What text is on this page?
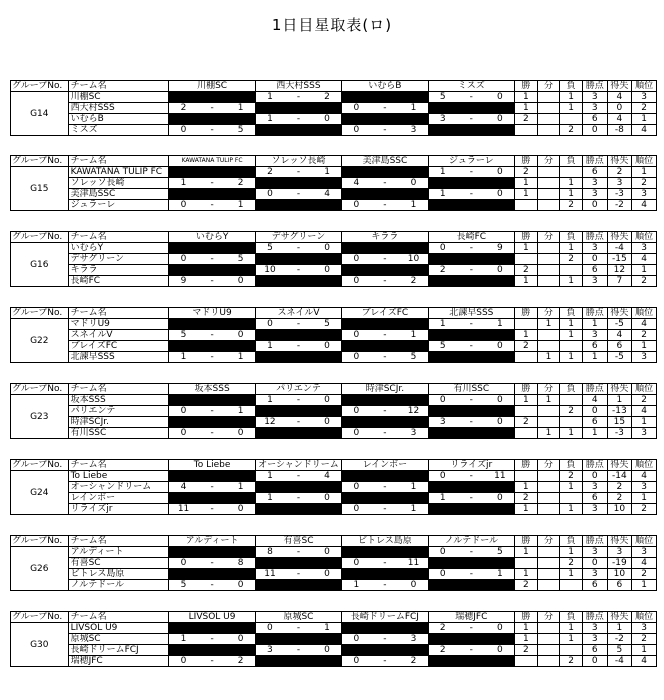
1日目星取表(ロ)
グループNo.	チーム名	川棚SC			西大村SSS			いむらB			ミスズ			勝	分	負	勝点	得失	順位
G14	川棚SC				1	-	2				5	-	0	1		1	3	4	3
	西大村SSS	2	-	1				0	-	1				1		1	3	0	2
	いむらB				1	-	0				3	-	0	2			6	4	1
	ミスズ	0	-	5				0	-	3						2	0	-8	4
グループNo.	チーム名	KAWATANA TULIP FC			ソレッソ長崎			美津島SSC			ジュラーレ			勝	分	負	勝点	得失	順位
G15	KAWATANA TULIP FC				2	-	1				1	-	0	2			6	2	1
	ソレッソ長崎	1	-	2				4	-	0				1		1	3	3	2
	美津島SSC				0	-	4				1	-	0	1		1	3	-3	3
	ジュラーレ	0	-	1				0	-	1						2	0	-2	4
グループNo.	チーム名	いむらY			デサグリーン			キララ			長崎FC			勝	分	負	勝点	得失	順位
G16	いむらY				5	-	0				0	-	9	1		1	3	-4	3
	デサグリーン	0	-	5				0	-	10						2	0	-15	4
	キララ				10	-	0				2	-	0	2			6	12	1
	長崎FC	9	-	0				0	-	2				1		1	3	7	2
グループNo.	チーム名	マドリU9			スネイルV			ブレイズFC			北諫早SSS			勝	分	負	勝点	得失	順位
G22	マドリU9				0	-	5				1	-	1		1	1	1	-5	4
	スネイルV	5	-	0				0	-	1				1		1	3	4	2
	ブレイズFC				1	-	0				5	-	0	2			6	6	1
	北諫早SSS	1	-	1				0	-	5					1	1	1	-5	3
グループNo.	チーム名	坂本SSS			パリエンテ			時津SCJr.			有川SSC			勝	分	負	勝点	得失	順位
G23	坂本SSS				1	-	0				0	-	0	1	1		4	1	2
	パリエンテ	0	-	1				0	-	12						2	0	-13	4
	時津SCJr.				12	-	0				3	-	0	2			6	15	1
	有川SSC	0	-	0				0	-	3					1	1	1	-3	3
グループNo.	チーム名	To Liebe			オーシャンドリーム			レインボー			リライズjr			勝	分	負	勝点	得失	順位
G24	To Liebe				1	-	4				0	-	11			2	0	-14	4
	オーシャンドリーム	4	-	1				0	-	1				1		1	3	2	3
	レインボー				1	-	0				1	-	0	2			6	2	1
	リライズjr	11	-	0				0	-	1				1		1	3	10	2
グループNo.	チーム名	アルディート			有喜SC			ビトレス島原			ノルテドール			勝	分	負	勝点	得失	順位
G26	アルディート				8	-	0				0	-	5	1		1	3	3	3
	有喜SC	0	-	8				0	-	11						2	0	-19	4
	ビトレス島原				11	-	0				0	-	1	1		1	3	10	2
	ノルテドール	5	-	0				1	-	0				2			6	6	1
グループNo.	チーム名	LIVSOL U9			原城SC			長崎ドリームFCJ			瑞穂JFC			勝	分	負	勝点	得失	順位
G30	LIVSOL U9				0	-	1				2	-	0	1		1	3	1	3
	原城SC	1	-	0				0	-	3				1		1	3	-2	2
	長崎ドリームFCJ				3	-	0				2	-	0	2			6	5	1
	瑞穂JFC	0	-	2				0	-	2						2	0	-4	4
